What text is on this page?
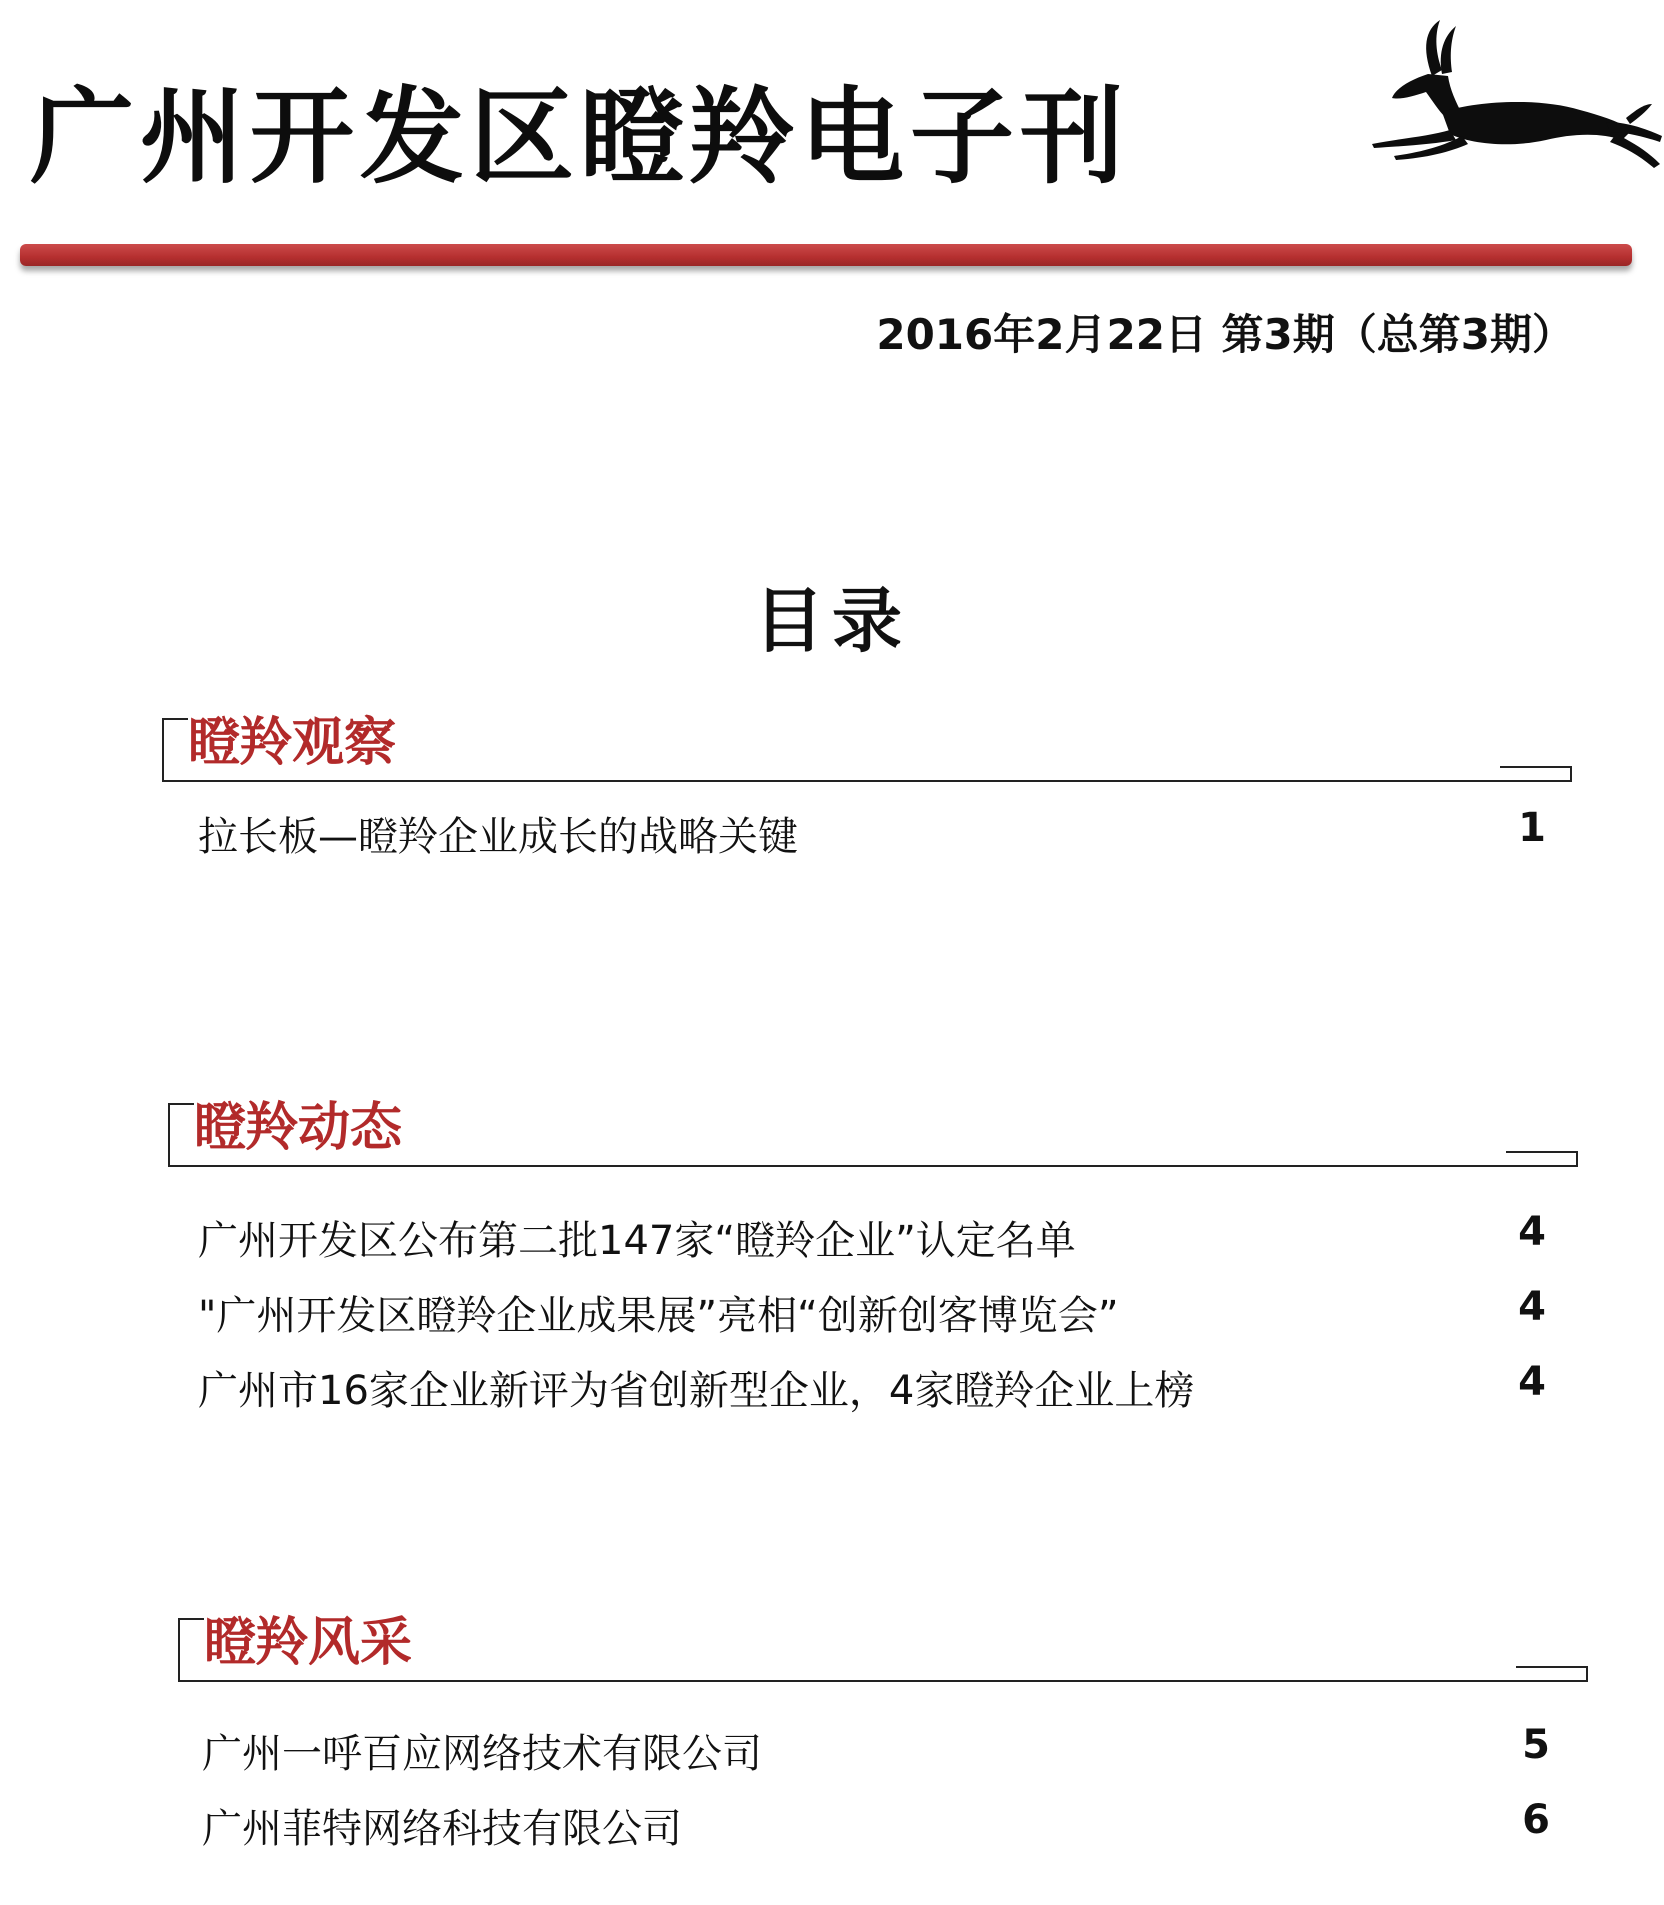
广州开发区瞪羚电子刊
2016年2月22日 第3期（总第3期）
目录
瞪羚观察
拉长板—瞪羚企业成长的战略关键	1
瞪羚动态
广州开发区公布第二批147家“瞪羚企业”认定名单	4
"广州开发区瞪羚企业成果展”亮相“创新创客博览会”	4
广州市16家企业新评为省创新型企业，4家瞪羚企业上榜	4
瞪羚风采
广州一呼百应网络技术有限公司	5
广州菲特网络科技有限公司	6
